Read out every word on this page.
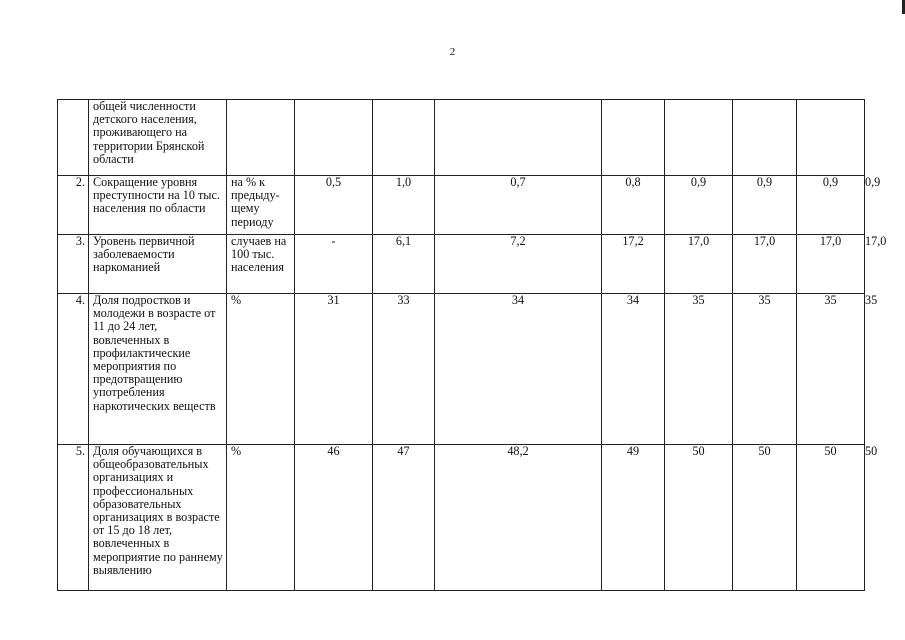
2
	общей численности детского населения, проживающего на территории Брянской области									
2.	Сокращение уровня преступности на 10 тыс. населения по области	на % к предыду-щему периоду	0,5	1,0	0,7	0,8	0,9	0,9	0,9	0,9
3.	Уровень первичной заболеваемости наркоманией	случаев на 100 тыс. населения	-	6,1	7,2	17,2	17,0	17,0	17,0	17,0
4.	Доля подростков и молодежи в возрасте от 11 до 24 лет, вовлеченных в профилактические мероприятия по предотвращению употребления наркотических веществ	%	31	33	34	34	35	35	35	35
5.	Доля обучающихся в общеобразовательных организациях и профессиональных образовательных организациях в возрасте от 15 до 18 лет, вовлеченных в мероприятие по раннему выявлению	%	46	47	48,2	49	50	50	50	50
